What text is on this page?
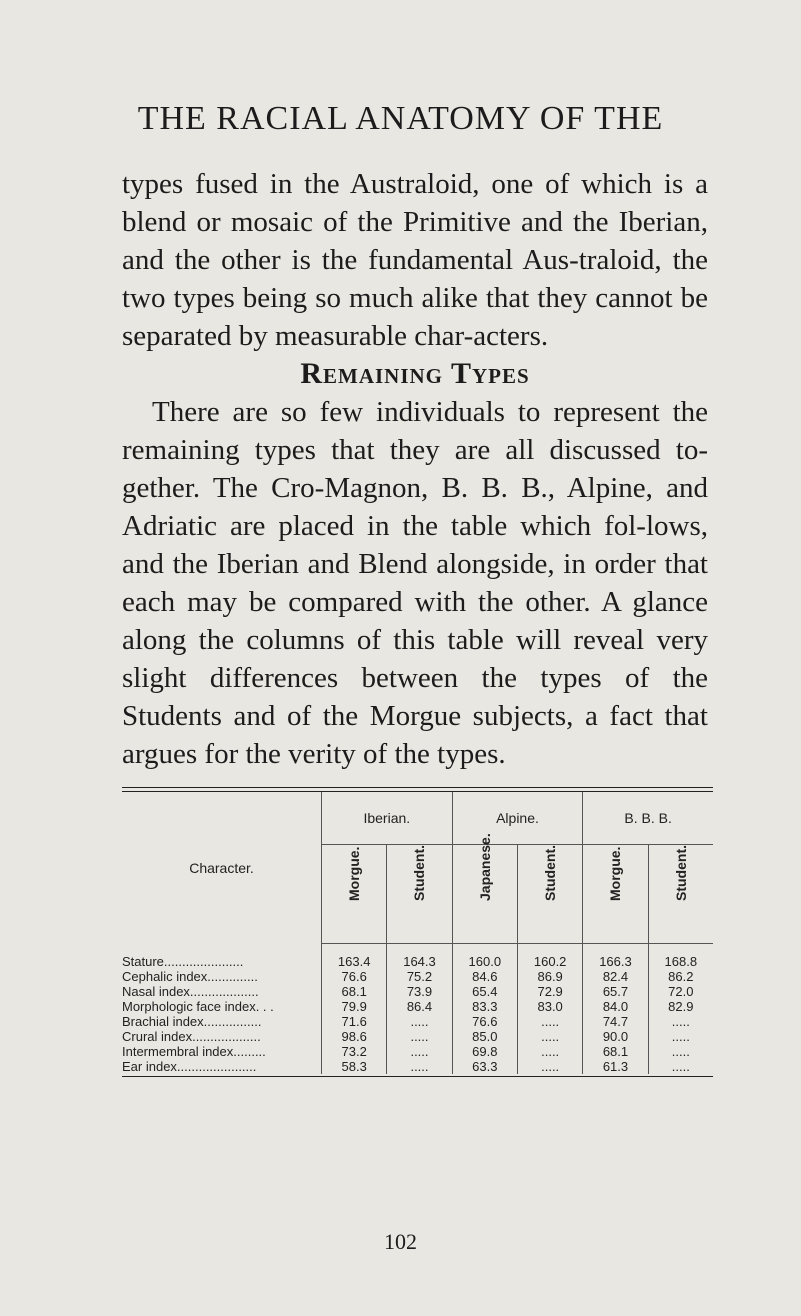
THE RACIAL ANATOMY OF THE

types fused in the Australoid, one of which is a blend or mosaic of the Primitive and the Iberian, and the other is the fundamental Aus-traloid, the two types being so much alike that they cannot be separated by measurable char-acters.

Remaining Types

There are so few individuals to represent the remaining types that they are all discussed to-gether. The Cro-Magnon, B. B. B., Alpine, and Adriatic are placed in the table which fol-lows, and the Iberian and Blend alongside, in order that each may be compared with the other. A glance along the columns of this table will reveal very slight differences between the types of the Students and of the Morgue subjects, a fact that argues for the verity of the types.

Character.	Iberian.		Alpine.		B. B. B.	

	Morgue.	Student.	Japanese.	Student.	Morgue.	Student.

Stature......................	163.4	164.3	160.0	160.2	166.3	168.8
Cephalic index..............	76.6	75.2	84.6	86.9	82.4	86.2
Nasal index...................	68.1	73.9	65.4	72.9	65.7	72.0
Morphologic face index. . .	79.9	86.4	83.3	83.0	84.0	82.9
Brachial index................	71.6	.....	76.6	.....	74.7	.....
Crural index...................	98.6	.....	85.0	.....	90.0	.....
Intermembral index.........	73.2	.....	69.8	.....	68.1	.....
Ear index......................	58.3	.....	63.3	.....	61.3	.....
102
